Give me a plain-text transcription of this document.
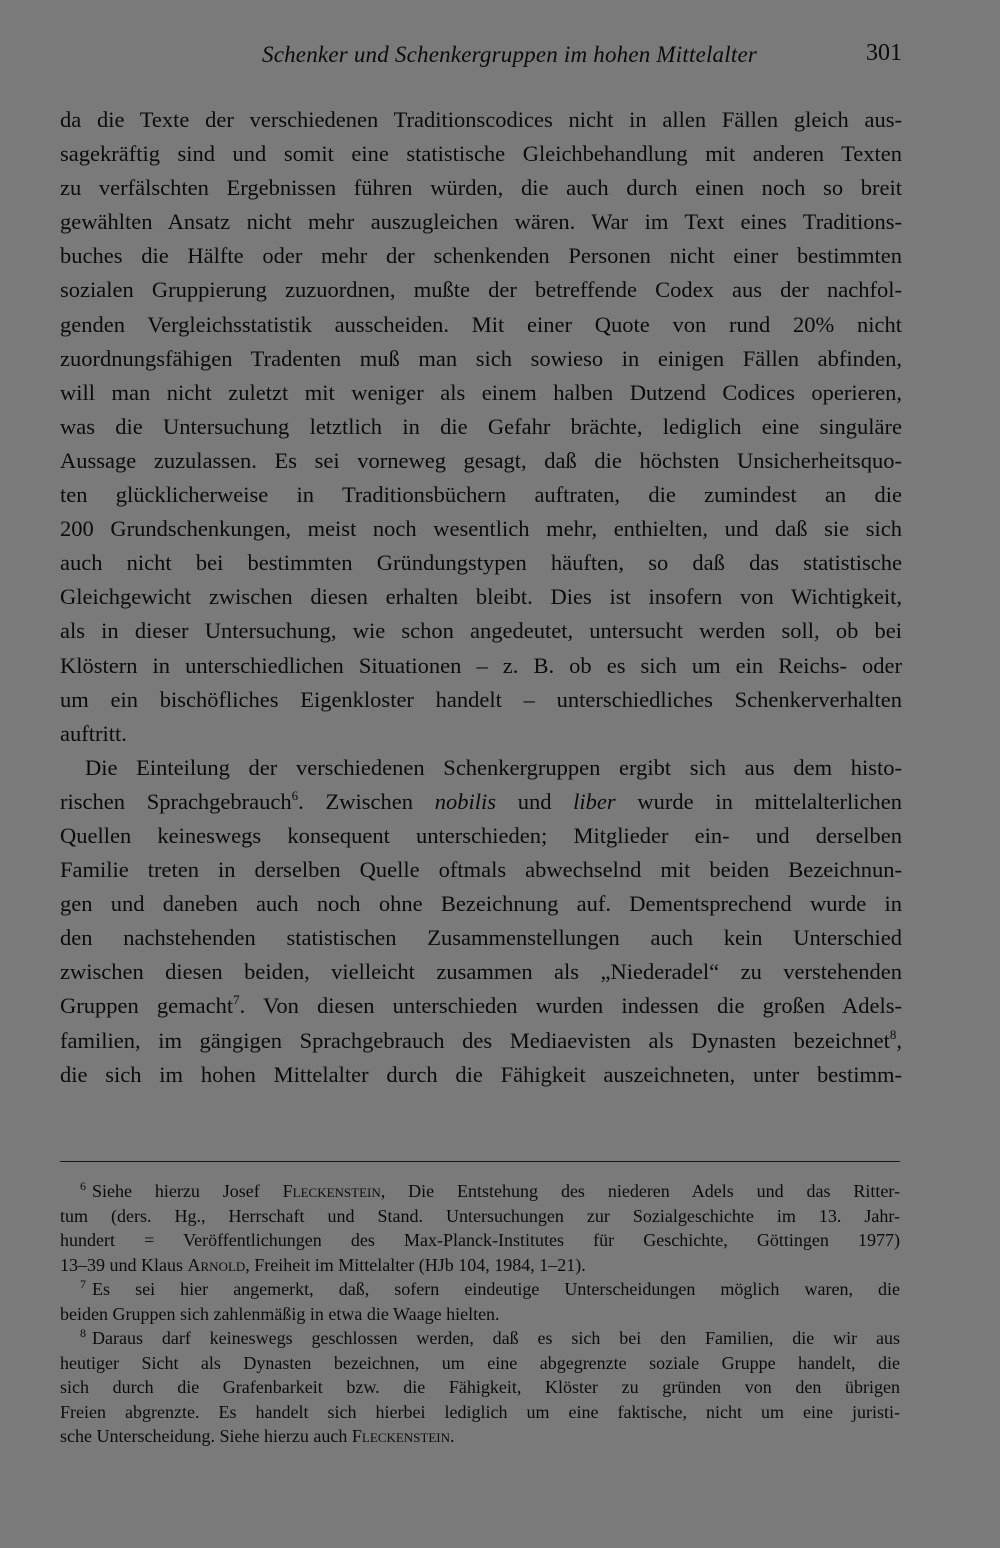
Schenker und Schenkergruppen im hohen Mittelalter	301
da die Texte der verschiedenen Traditionscodices nicht in allen Fällen gleich aus-
sagekräftig sind und somit eine statistische Gleichbehandlung mit anderen Texten
zu verfälschten Ergebnissen führen würden, die auch durch einen noch so breit
gewählten Ansatz nicht mehr auszugleichen wären. War im Text eines Traditions-
buches die Hälfte oder mehr der schenkenden Personen nicht einer bestimmten
sozialen Gruppierung zuzuordnen, mußte der betreffende Codex aus der nachfol-
genden Vergleichsstatistik ausscheiden. Mit einer Quote von rund 20% nicht
zuordnungsfähigen Tradenten muß man sich sowieso in einigen Fällen abfinden,
will man nicht zuletzt mit weniger als einem halben Dutzend Codices operieren,
was die Untersuchung letztlich in die Gefahr brächte, lediglich eine singuläre
Aussage zuzulassen. Es sei vorneweg gesagt, daß die höchsten Unsicherheitsquo-
ten glücklicherweise in Traditionsbüchern auftraten, die zumindest an die
200 Grundschenkungen, meist noch wesentlich mehr, enthielten, und daß sie sich
auch nicht bei bestimmten Gründungstypen häuften, so daß das statistische
Gleichgewicht zwischen diesen erhalten bleibt. Dies ist insofern von Wichtigkeit,
als in dieser Untersuchung, wie schon angedeutet, untersucht werden soll, ob bei
Klöstern in unterschiedlichen Situationen – z. B. ob es sich um ein Reichs- oder
um ein bischöfliches Eigenkloster handelt – unterschiedliches Schenkerverhalten
auftritt.
Die Einteilung der verschiedenen Schenkergruppen ergibt sich aus dem histo-
rischen Sprachgebrauch$^6$. Zwischen nobilis und liber wurde in mittelalterlichen
Quellen keineswegs konsequent unterschieden; Mitglieder ein- und derselben
Familie treten in derselben Quelle oftmals abwechselnd mit beiden Bezeichnun-
gen und daneben auch noch ohne Bezeichnung auf. Dementsprechend wurde in
den nachstehenden statistischen Zusammenstellungen auch kein Unterschied
zwischen diesen beiden, vielleicht zusammen als „Niederadel“ zu verstehenden
Gruppen gemacht$^7$. Von diesen unterschieden wurden indessen die großen Adels-
familien, im gängigen Sprachgebrauch des Mediaevisten als Dynasten bezeichnet$^8$,
die sich im hohen Mittelalter durch die Fähigkeit auszeichneten, unter bestimm-
$^6$ Siehe hierzu Josef Fleckenstein, Die Entstehung des niederen Adels und das Ritter-
tum (ders. Hg., Herrschaft und Stand. Untersuchungen zur Sozialgeschichte im 13. Jahr-
hundert = Veröffentlichungen des Max-Planck-Institutes für Geschichte, Göttingen 1977)
13–39 und Klaus Arnold, Freiheit im Mittelalter (HJb 104, 1984, 1–21).
$^7$ Es sei hier angemerkt, daß, sofern eindeutige Unterscheidungen möglich waren, die
beiden Gruppen sich zahlenmäßig in etwa die Waage hielten.
$^8$ Daraus darf keineswegs geschlossen werden, daß es sich bei den Familien, die wir aus
heutiger Sicht als Dynasten bezeichnen, um eine abgegrenzte soziale Gruppe handelt, die
sich durch die Grafenbarkeit bzw. die Fähigkeit, Klöster zu gründen von den übrigen
Freien abgrenzte. Es handelt sich hierbei lediglich um eine faktische, nicht um eine juristi-
sche Unterscheidung. Siehe hierzu auch Fleckenstein.
